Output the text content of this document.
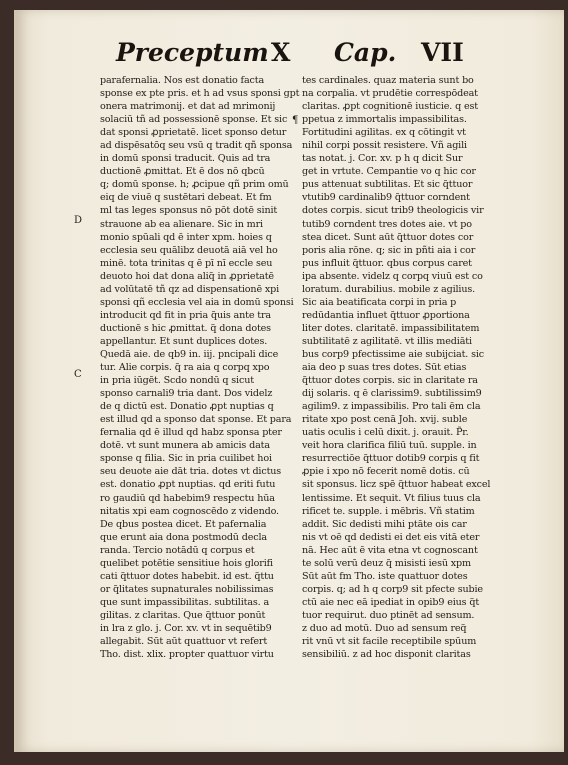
Preceptum X Cap. VII
parafernalia. Nos est donatio facta
sponse ex pte pris. et h ad vsus sponsi gpt
onera matrimonij. et dat ad mrimonij
solaciū tñ ad possessionē sponse. Et sic
dat sponsi ꝓprietatē. licet sponso detur
ad dispēsatōq seu vsū q tradit qñ sponsa
in domū sponsi traducit. Quis ad tra
ductionē ꝓmittat. Et ē dos nō qbcū
q; domū sponse. h; ꝓcipue qñ prim omū
eiq de viuē q sustētari debeat. Et fm
ml tas leges sponsus nō pōt dotē sinit
strauone ab ea alienare. Sic in mri
monio spūali qd ē inter xpm. hoies q
ecclesia seu quālibz deuotā aiā vel ho
minē. tota trinitas q ē pī nī eccle seu
deuoto hoi dat dona aliq̃ in ꝓprietatē
ad volūtatē tñ qz ad dispensationē xpi
sponsi qñ ecclesia vel aia in domū sponsi
introducit qd fit in pria q̃uis ante tra
ductionē s hic ꝓmittat. q̃ dona dotes
appellantur. Et sunt duplices dotes.
Quedā aie. de qb9 in. iij. pncipali dice
tur. Alie corpis. q̃ ra aia q corpq xpo
in pria iūgēt. Scdo nondū q sicut
sponso carnali9 tria dant. Dos videlz
de q dictū est. Donatio ꝓpt nuptias q
est illud qd a sponso dat sponse. Et para
fernalia qd ē illud qd habz sponsa pter
dotē. vt sunt munera ab amicis data
sponse q filia. Sic in pria cuilibet hoi
seu deuote aie dāt tria. dotes vt dictus
est. donatio ꝓpt nuptias. qd eriti futu
ro gaudiū qd habebim9 respectu hūa
nitatis xpi eam cognoscēdo z videndo.
De qbus postea dicet. Et pafernalia
que erunt aia dona postmodū decla
randa. Tercio notādū q corpus et
quelibet potētie sensitiue hois glorifi
cati q̃ttuor dotes habebit. id est. q̃ttu
or q̃litates supnaturales nobilissimas
que sunt impassibilitas. subtilitas. a
gilitas. z claritas. Que q̃ttuor ponūt
in lra z glo. j. Cor. xv. vt in sequētib9
allegabit. Sūt aūt quattuor vt refert
Tho. dist. xlix. propter quattuor virtu
tes cardinales. quaz materia sunt bo
na corpalia. vt prudētie correspōdeat
claritas. ꝓpt cognitionē iusticie. q est
ppetua z immortalis impassibilitas.
Fortitudini agilitas. ex q cōtingit vt
nihil corpi possit resistere. Vñ agili
tas notat. j. Cor. xv. p h q dicit Sur
get in vrtute. Cempantie vo q hic cor
pus attenuat subtilitas. Et sic q̃ttuor
vtutib9 cardinalib9 q̃ttuor corndent
dotes corpis. sicut trib9 theologicis vir
tutib9 corndent tres dotes aie. vt po
stea dicet. Sunt aūt q̃ttuor dotes cor
poris alia rōne. q; sic in pñti aia i cor
pus influit q̃ttuor. qbus corpus caret
ipa absente. videlz q corpq viuū est co
loratum. durabilius. mobile z agilius.
Sic aia beatificata corpi in pria p
redūdantia influet q̃ttuor ꝓportiona
liter dotes. claritatē. impassibilitatem
subtilitatē z agilitatē. vt illis mediāti
bus corp9 pfectissime aie subijciat. sic
aia deo p suas tres dotes. Sūt etias
q̃ttuor dotes corpis. sic in claritate ra
dij solaris. q ē clarissim9. subtilissim9
agilim9. z impassibilis. Pro tali ēm cla
ritate xpo post cenā Joh. xvij. suble
uatis oculis i celū dixit. j. orauit. P̃r.
veit hora clarifica filiū tuū. supple. in
resurrectiōe q̃ttuor dotib9 corpis q fit
ꝓpie i xpo nō fecerit nomē dotis. cū
sit sponsus. licz spē q̃ttuor habeat excel
lentissime. Et sequit. Vt filius tuus cla
rificet te. supple. i mēbris. Vñ statim
addit. Sic dedisti mihi ptāte ois car
nis vt oē qd dedisti ei det eis vitā eter
nā. Hec aūt ē vita etna vt cognoscant
te solū verū deuz q̃ misisti iesū xpm
Sūt aūt fm Tho. iste quattuor dotes
corpis. q; ad h q corp9 sit pfecte subie
ctū aie nec eā ipediat in opib9 eius q̃t
tuor requirut. duo ptinēt ad sensum.
z duo ad motū. Duo ad sensum req̃
rit vnū vt sit facile receptibile spūum
sensibiliū. z ad hoc disponit claritas
D
C
¶
